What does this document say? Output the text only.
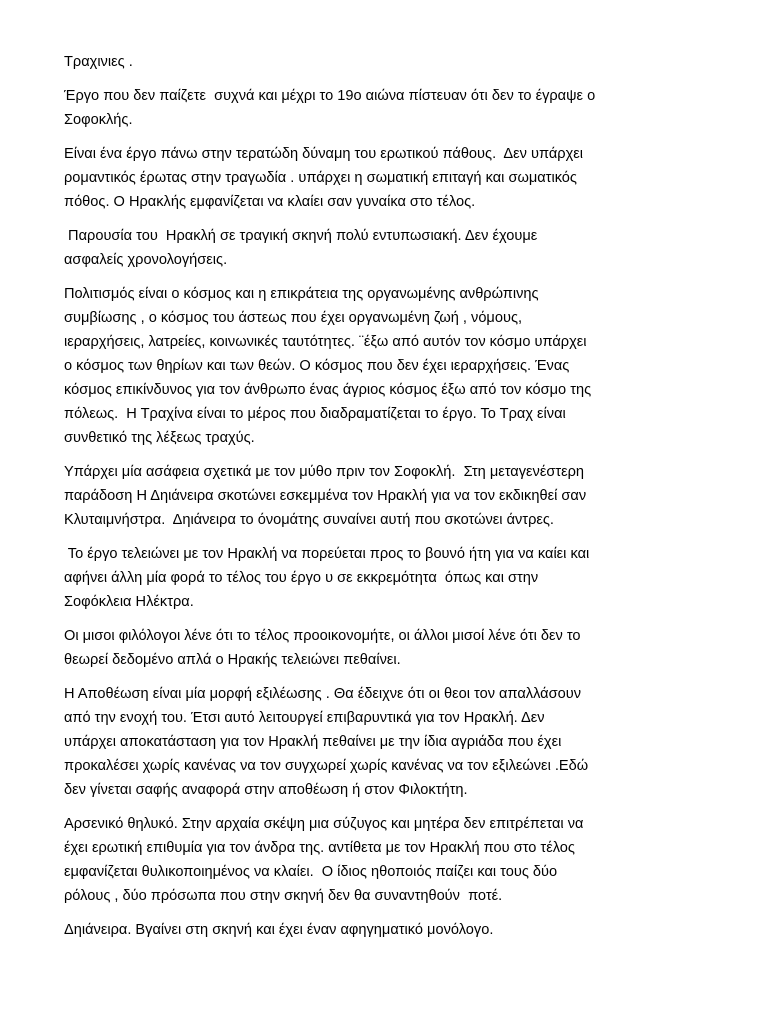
Τραχινιες .

Έργο που δεν παίζετε  συχνά και μέχρι το 19ο αιώνα πίστευαν ότι δεν το έγραψε ο
Σοφοκλής.

Είναι ένα έργο πάνω στην τερατώδη δύναμη του ερωτικού πάθους.  Δεν υπάρχει
ρομαντικός έρωτας στην τραγωδία . υπάρχει η σωματική επιταγή και σωματικός
πόθος. Ο Ηρακλής εμφανίζεται να κλαίει σαν γυναίκα στο τέλος.

Παρουσία του  Ηρακλή σε τραγική σκηνή πολύ εντυπωσιακή. Δεν έχουμε
ασφαλείς χρονολογήσεις.

Πολιτισμός είναι ο κόσμος και η επικράτεια της οργανωμένης ανθρώπινης
συμβίωσης , ο κόσμος του άστεως που έχει οργανωμένη ζωή , νόμους,
ιεραρχήσεις, λατρείες, κοινωνικές ταυτότητες. ¨έξω από αυτόν τον κόσμο υπάρχει
ο κόσμος των θηρίων και των θεών. Ο κόσμος που δεν έχει ιεραρχήσεις. Ένας
κόσμος επικίνδυνος για τον άνθρωπο ένας άγριος κόσμος έξω από τον κόσμο της
πόλεως.  Η Τραχίνα είναι το μέρος που διαδραματίζεται το έργο. Το Τραχ είναι
συνθετικό της λέξεως τραχύς.

Υπάρχει μία ασάφεια σχετικά με τον μύθο πριν τον Σοφοκλή.  Στη μεταγενέστερη
παράδοση Η Δηιάνειρα σκοτώνει εσκεμμένα τον Ηρακλή για να τον εκδικηθεί σαν
Κλυταιμνήστρα.  Δηιάνειρα το όνομάτης συναίνει αυτή που σκοτώνει άντρες.

Το έργο τελειώνει με τον Ηρακλή να πορεύεται προς το βουνό ήτη για να καίει και
αφήνει άλλη μία φορά το τέλος του έργο υ σε εκκρεμότητα  όπως και στην
Σοφόκλεια Ηλέκτρα.

Οι μισοι φιλόλογοι λένε ότι το τέλος προοικονομήτε, οι άλλοι μισοί λένε ότι δεν το
θεωρεί δεδομένο απλά ο Ηρακής τελειώνει πεθαίνει.

Η Αποθέωση είναι μία μορφή εξιλέωσης . Θα έδειχνε ότι οι θεοι τον απαλλάσουν
από την ενοχή του. Έτσι αυτό λειτουργεί επιβαρυντικά για τον Ηρακλή. Δεν
υπάρχει αποκατάσταση για τον Ηρακλή πεθαίνει με την ίδια αγριάδα που έχει
προκαλέσει χωρίς κανένας να τον συγχωρεί χωρίς κανένας να τον εξιλεώνει .Εδώ
δεν γίνεται σαφής αναφορά στην αποθέωση ή στον Φιλοκτήτη.

Αρσενικό θηλυκό. Στην αρχαία σκέψη μια σύζυγος και μητέρα δεν επιτρέπεται να
έχει ερωτική επιθυμία για τον άνδρα της. αντίθετα με τον Ηρακλή που στο τέλος
εμφανίζεται θυλικοποιημένος να κλαίει.  Ο ίδιος ηθοποιός παίζει και τους δύο
ρόλους , δύο πρόσωπα που στην σκηνή δεν θα συναντηθούν  ποτέ.

Δηιάνειρα. Βγαίνει στη σκηνή και έχει έναν αφηγηματικό μονόλογο.
